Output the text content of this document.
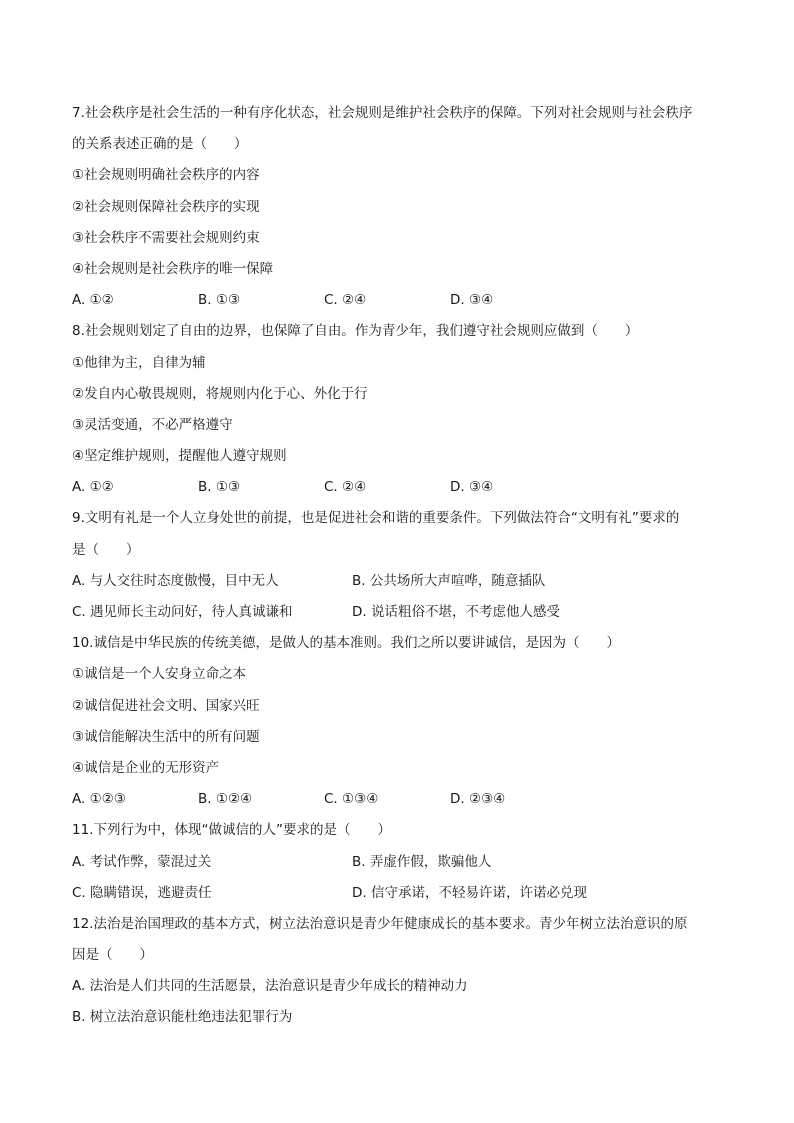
7.社会秩序是社会生活的一种有序化状态，社会规则是维护社会秩序的保障。下列对社会规则与社会秩序
的关系表述正确的是（　　）
①社会规则明确社会秩序的内容
②社会规则保障社会秩序的实现
③社会秩序不需要社会规则约束
④社会规则是社会秩序的唯一保障
A. ①②	B. ①③	C. ②④	D. ③④
8.社会规则划定了自由的边界，也保障了自由。作为青少年，我们遵守社会规则应做到（　　）
①他律为主，自律为辅
②发自内心敬畏规则，将规则内化于心、外化于行
③灵活变通，不必严格遵守
④坚定维护规则，提醒他人遵守规则
A. ①②	B. ①③	C. ②④	D. ③④
9.文明有礼是一个人立身处世的前提，也是促进社会和谐的重要条件。下列做法符合“文明有礼”要求的
是（　　）
A. 与人交往时态度傲慢，目中无人	B. 公共场所大声喧哗，随意插队
C. 遇见师长主动问好，待人真诚谦和	D. 说话粗俗不堪，不考虑他人感受
10.诚信是中华民族的传统美德，是做人的基本准则。我们之所以要讲诚信，是因为（　　）
①诚信是一个人安身立命之本
②诚信促进社会文明、国家兴旺
③诚信能解决生活中的所有问题
④诚信是企业的无形资产
A. ①②③	B. ①②④	C. ①③④	D. ②③④
11.下列行为中，体现“做诚信的人”要求的是（　　）
A. 考试作弊，蒙混过关	B. 弄虚作假，欺骗他人
C. 隐瞒错误，逃避责任	D. 信守承诺，不轻易许诺，许诺必兑现
12.法治是治国理政的基本方式，树立法治意识是青少年健康成长的基本要求。青少年树立法治意识的原
因是（　　）
A. 法治是人们共同的生活愿景，法治意识是青少年成长的精神动力
B. 树立法治意识能杜绝违法犯罪行为
